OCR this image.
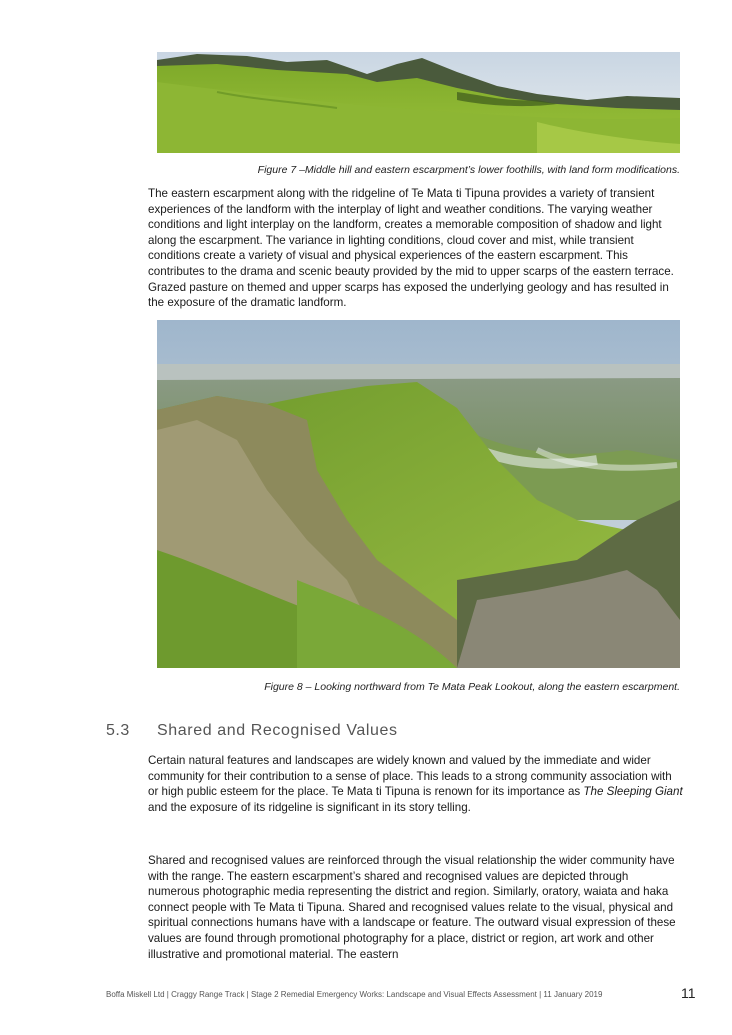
Figure 7 –Middle hill and eastern escarpment’s lower foothills, with land form modifications.

The eastern escarpment along with the ridgeline of Te Mata ti Tipuna provides a variety of transient experiences of the landform with the interplay of light and weather conditions. The varying weather conditions and light interplay on the landform, creates a memorable composition of shadow and light along the escarpment. The variance in lighting conditions, cloud cover and mist, while transient conditions create a variety of visual and physical experiences of the eastern escarpment. This contributes to the drama and scenic beauty provided by the mid to upper scarps of the eastern terrace. Grazed pasture on themed and upper scarps has exposed the underlying geology and has resulted in the exposure of the dramatic landform.

Figure 8 – Looking northward from Te Mata Peak Lookout, along the eastern escarpment.
5.3 Shared and Recognised Values

Certain natural features and landscapes are widely known and valued by the immediate and wider community for their contribution to a sense of place. This leads to a strong community association with or high public esteem for the place. Te Mata ti Tipuna is renown for its importance as The Sleeping Giant and the exposure of its ridgeline is significant in its story telling.

Shared and recognised values are reinforced through the visual relationship the wider community have with the range. The eastern escarpment’s shared and recognised values are depicted through numerous photographic media representing the district and region. Similarly, oratory, waiata and haka connect people with Te Mata ti Tipuna. Shared and recognised values relate to the visual, physical and spiritual connections humans have with a landscape or feature. The outward visual expression of these values are found through promotional photography for a place, district or region, art work and other illustrative and promotional material. The eastern

Boffa Miskell Ltd | Craggy Range Track | Stage 2 Remedial Emergency Works: Landscape and Visual Effects Assessment | 11 January 2019	11
